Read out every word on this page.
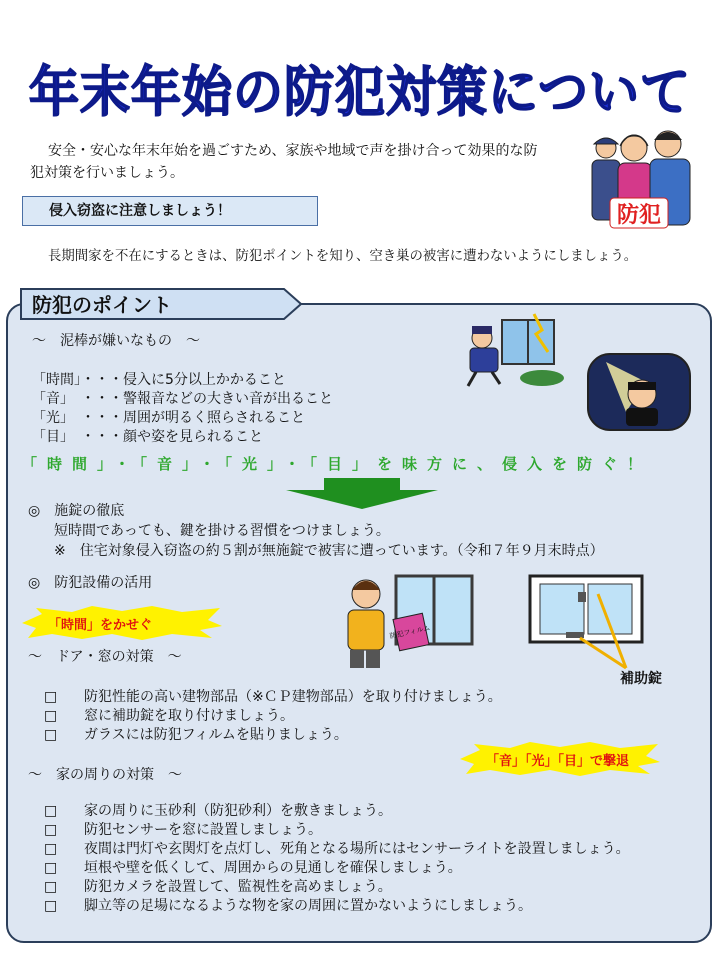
年末年始の防犯対策について
安全・安心な年末年始を過ごすため、家族や地域で声を掛け合って効果的な防
犯対策を行いましょう。
防犯
侵入窃盗に注意しましょう！
長期間家を不在にするときは、防犯ポイントを知り、空き巣の被害に遭わないようにしましょう。
防犯のポイント
～　泥棒が嫌いなもの　～
「時間」・・・侵入に5分以上かかること
「音」　・・・警報音などの大きい音が出ること
「光」　・・・周囲が明るく照らされること
「目」　・・・顔や姿を見られること
「時間」・「音」・「光」・「目」を味方に、侵入を防ぐ！
◎　施錠の徹底
短時間であっても、鍵を掛ける習慣をつけましょう。
※　住宅対象侵入窃盗の約５割が無施錠で被害に遭っています。（令和７年９月末時点）
◎　防犯設備の活用
「時間」をかせぐ	防犯フィルム
補助錠
～　ドア・窓の対策　～
□ 防犯性能の高い建物部品（※ＣＰ建物部品）を取り付けましょう。
□ 窓に補助錠を取り付けましょう。
□ ガラスには防犯フィルムを貼りましょう。
「音」「光」「目」で撃退
～　家の周りの対策　～
□ 家の周りに玉砂利（防犯砂利）を敷きましょう。
□ 防犯センサーを窓に設置しましょう。
□ 夜間は門灯や玄関灯を点灯し、死角となる場所にはセンサーライトを設置しましょう。
□ 垣根や壁を低くして、周囲からの見通しを確保しましょう。
□ 防犯カメラを設置して、監視性を高めましょう。
□ 脚立等の足場になるような物を家の周囲に置かないようにしましょう。
